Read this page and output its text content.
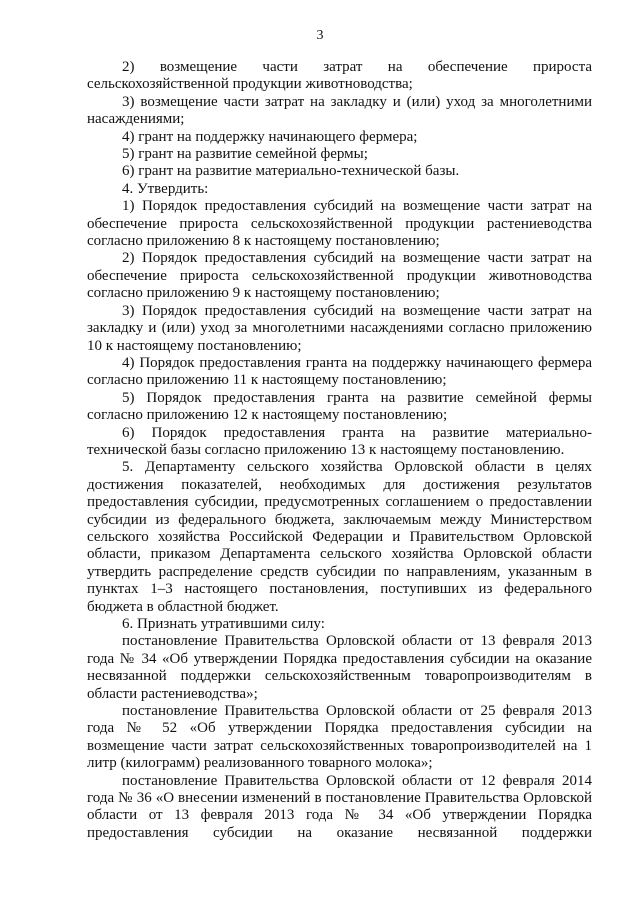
3

2) возмещение части затрат на обеспечение прироста сельскохозяйственной продукции животноводства;

3) возмещение части затрат на закладку и (или) уход за многолетними насаждениями;

4) грант на поддержку начинающего фермера;

5) грант на развитие семейной фермы;

6) грант на развитие материально-технической базы.

4. Утвердить:

1) Порядок предоставления субсидий на возмещение части затрат на обеспечение прироста сельскохозяйственной продукции растениеводства согласно приложению 8 к настоящему постановлению;

2) Порядок предоставления субсидий на возмещение части затрат на обеспечение прироста сельскохозяйственной продукции животноводства согласно приложению 9 к настоящему постановлению;

3) Порядок предоставления субсидий на возмещение части затрат на закладку и (или) уход за многолетними насаждениями согласно приложению 10 к настоящему постановлению;

4) Порядок предоставления гранта на поддержку начинающего фермера согласно приложению 11 к настоящему постановлению;

5) Порядок предоставления гранта на развитие семейной фермы согласно приложению 12 к настоящему постановлению;

6) Порядок предоставления гранта на развитие материально-технической базы согласно приложению 13 к настоящему постановлению.

5. Департаменту сельского хозяйства Орловской области в целях достижения показателей, необходимых для достижения результатов предоставления субсидии, предусмотренных соглашением о предоставлении субсидии из федерального бюджета, заключаемым между Министерством сельского хозяйства Российской Федерации и Правительством Орловской области, приказом Департамента сельского хозяйства Орловской области утвердить распределение средств субсидии по направлениям, указанным в пунктах 1–3 настоящего постановления, поступивших из федерального бюджета в областной бюджет.

6. Признать утратившими силу:

постановление Правительства Орловской области от 13 февраля 2013 года № 34 «Об утверждении Порядка предоставления субсидии на оказание несвязанной поддержки сельскохозяйственным товаропроизводителям в области растениеводства»;

постановление Правительства Орловской области от 25 февраля 2013 года № 52 «Об утверждении Порядка предоставления субсидии на возмещение части затрат сельскохозяйственных товаропроизводителей на 1 литр (килограмм) реализованного товарного молока»;

постановление Правительства Орловской области от 12 февраля 2014 года № 36 «О внесении изменений в постановление Правительства Орловской области от 13 февраля 2013 года № 34 «Об утверждении Порядка предоставления субсидии на оказание несвязанной поддержки
